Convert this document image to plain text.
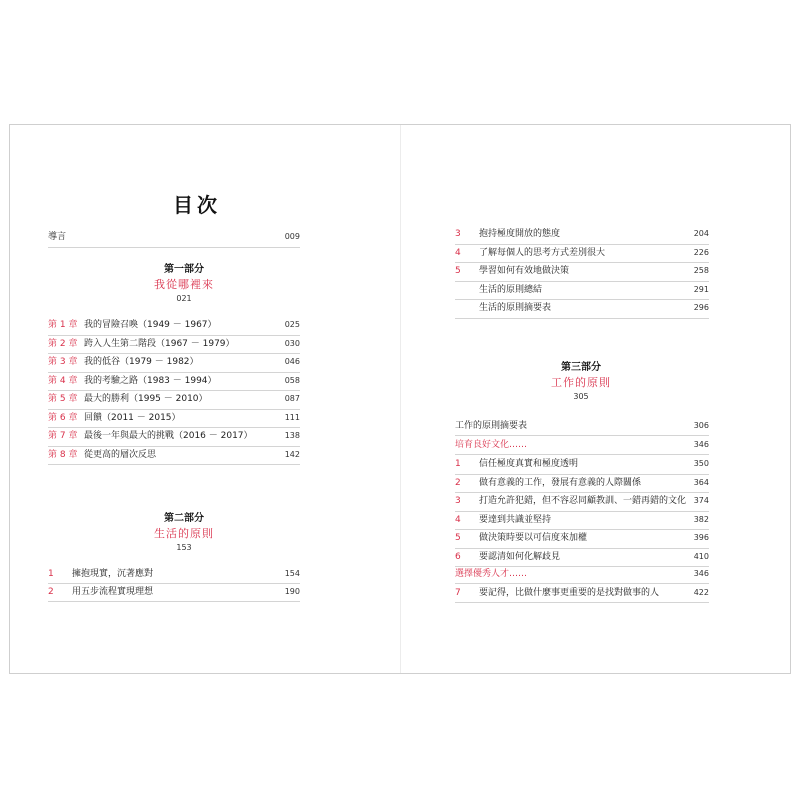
目次
導言	009
第一部分
我從哪裡來
021
第 1 章 我的冒險召喚（1949 － 1967）	025
第 2 章 跨入人生第二階段（1967 － 1979）	030
第 3 章 我的低谷（1979 － 1982）	046
第 4 章 我的考驗之路（1983 － 1994）	058
第 5 章 最大的勝利（1995 － 2010）	087
第 6 章 回饋（2011 － 2015）	111
第 7 章 最後一年與最大的挑戰（2016 － 2017）	138
第 8 章 從更高的層次反思	142
第二部分
生活的原則
153
1 擁抱現實，沉著應對	154
2 用五步流程實現理想	190
3 抱持極度開放的態度	204
4 了解每個人的思考方式差別很大	226
5 學習如何有效地做決策	258
生活的原則總結	291
生活的原則摘要表	296
第三部分
工作的原則
305
工作的原則摘要表	306
培育良好文化……	346
1 信任極度真實和極度透明	350
2 做有意義的工作，發展有意義的人際關係	364
3 打造允許犯錯，但不容忍同顧教訓、一錯再錯的文化 374
4 要達到共識並堅持	382
5 做決策時要以可信度來加權	396
6 要認清如何化解歧見	410
選擇優秀人才……	346
7 要記得，比做什麼事更重要的是找對做事的人	422
